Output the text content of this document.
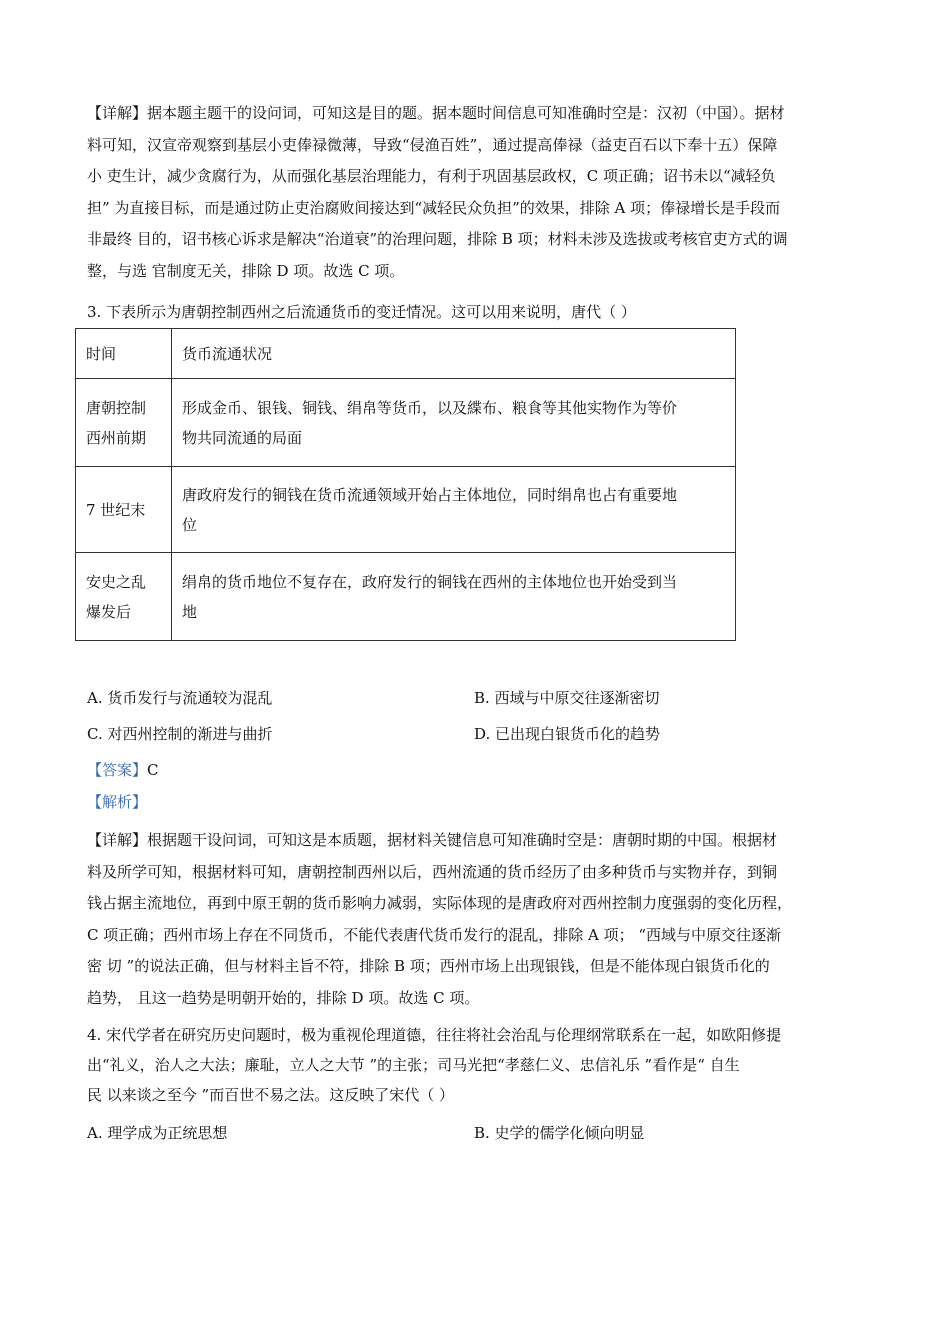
【详解】据本题主题干的设问词，可知这是目的题。据本题时间信息可知准确时空是：汉初（中国）。据材
料可知，汉宣帝观察到基层小吏俸禄微薄，导致“侵渔百姓”，通过提高俸禄（益吏百石以下奉十五）保障
小 吏生计，减少贪腐行为，从而强化基层治理能力，有利于巩固基层政权，C 项正确；诏书未以“减轻负
担” 为直接目标，而是通过防止吏治腐败间接达到“减轻民众负担”的效果，排除 A 项；俸禄增长是手段而
非最终 目的，诏书核心诉求是解决“治道衰”的治理问题，排除 B 项；材料未涉及选拔或考核官吏方式的调
整，与选 官制度无关，排除 D 项。故选 C 项。
3. 下表所示为唐朝控制西州之后流通货币的变迁情况。这可以用来说明，唐代（ ）
时间	货币流通状况

唐朝控制
西州前期	形成金币、银钱、铜钱、绢帛等货币，以及緤布、粮食等其他实物作为等价
物共同流通的局面

7 世纪末	唐政府发行的铜钱在货币流通领域开始占主体地位，同时绢帛也占有重要地
位

安史之乱
爆发后	绢帛的货币地位不复存在，政府发行的铜钱在西州的主体地位也开始受到当
地
A. 货币发行与流通较为混乱	B. 西域与中原交往逐渐密切
C. 对西州控制的渐进与曲折	D. 已出现白银货币化的趋势
【答案】C
【解析】
【详解】根据题干设问词，可知这是本质题，据材料关键信息可知准确时空是：唐朝时期的中国。根据材
料及所学可知，根据材料可知，唐朝控制西州以后，西州流通的货币经历了由多种货币与实物并存，到铜
钱占据主流地位，再到中原王朝的货币影响力减弱，实际体现的是唐政府对西州控制力度强弱的变化历程，
C 项正确；西州市场上存在不同货币，不能代表唐代货币发行的混乱，排除 A 项； “西域与中原交往逐渐
密 切 ”的说法正确，但与材料主旨不符，排除 B 项；西州市场上出现银钱，但是不能体现白银货币化的
趋势， 且这一趋势是明朝开始的，排除 D 项。故选 C 项。
4. 宋代学者在研究历史问题时，极为重视伦理道德，往往将社会治乱与伦理纲常联系在一起，如欧阳修提
出“礼义，治人之大法；廉耻，立人之大节 ”的主张；司马光把“孝慈仁义、忠信礼乐 ”看作是“ 自生
民 以来谈之至今 ”而百世不易之法。这反映了宋代（ ）
A. 理学成为正统思想	B. 史学的儒学化倾向明显
